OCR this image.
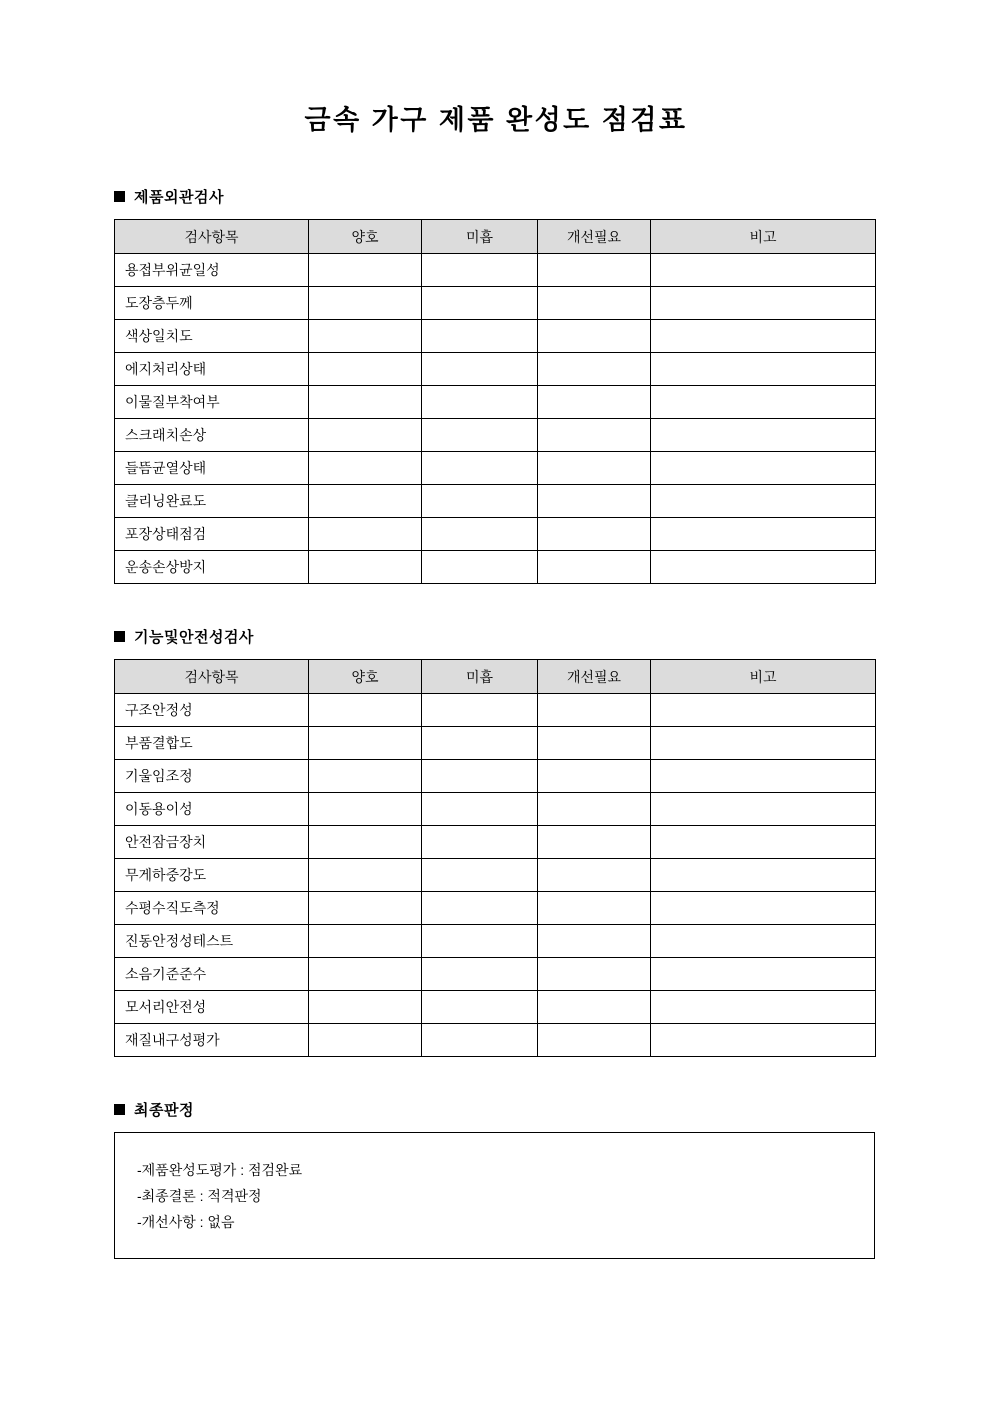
금속 가구 제품 완성도 점검표
제품외관검사
검사항목	양호	미흡	개선필요	비고
용접부위균일성				
도장층두께				
색상일치도				
에지처리상태				
이물질부착여부				
스크래치손상				
들뜸균열상태				
클리닝완료도				
포장상태점검				
운송손상방지				
기능및안전성검사
검사항목	양호	미흡	개선필요	비고
구조안정성				
부품결합도				
기울임조정				
이동용이성				
안전잠금장치				
무게하중강도				
수평수직도측정				
진동안정성테스트				
소음기준준수				
모서리안전성				
재질내구성평가				
최종판정
-제품완성도평가 : 점검완료
-최종결론 : 적격판정
-개선사항 : 없음
